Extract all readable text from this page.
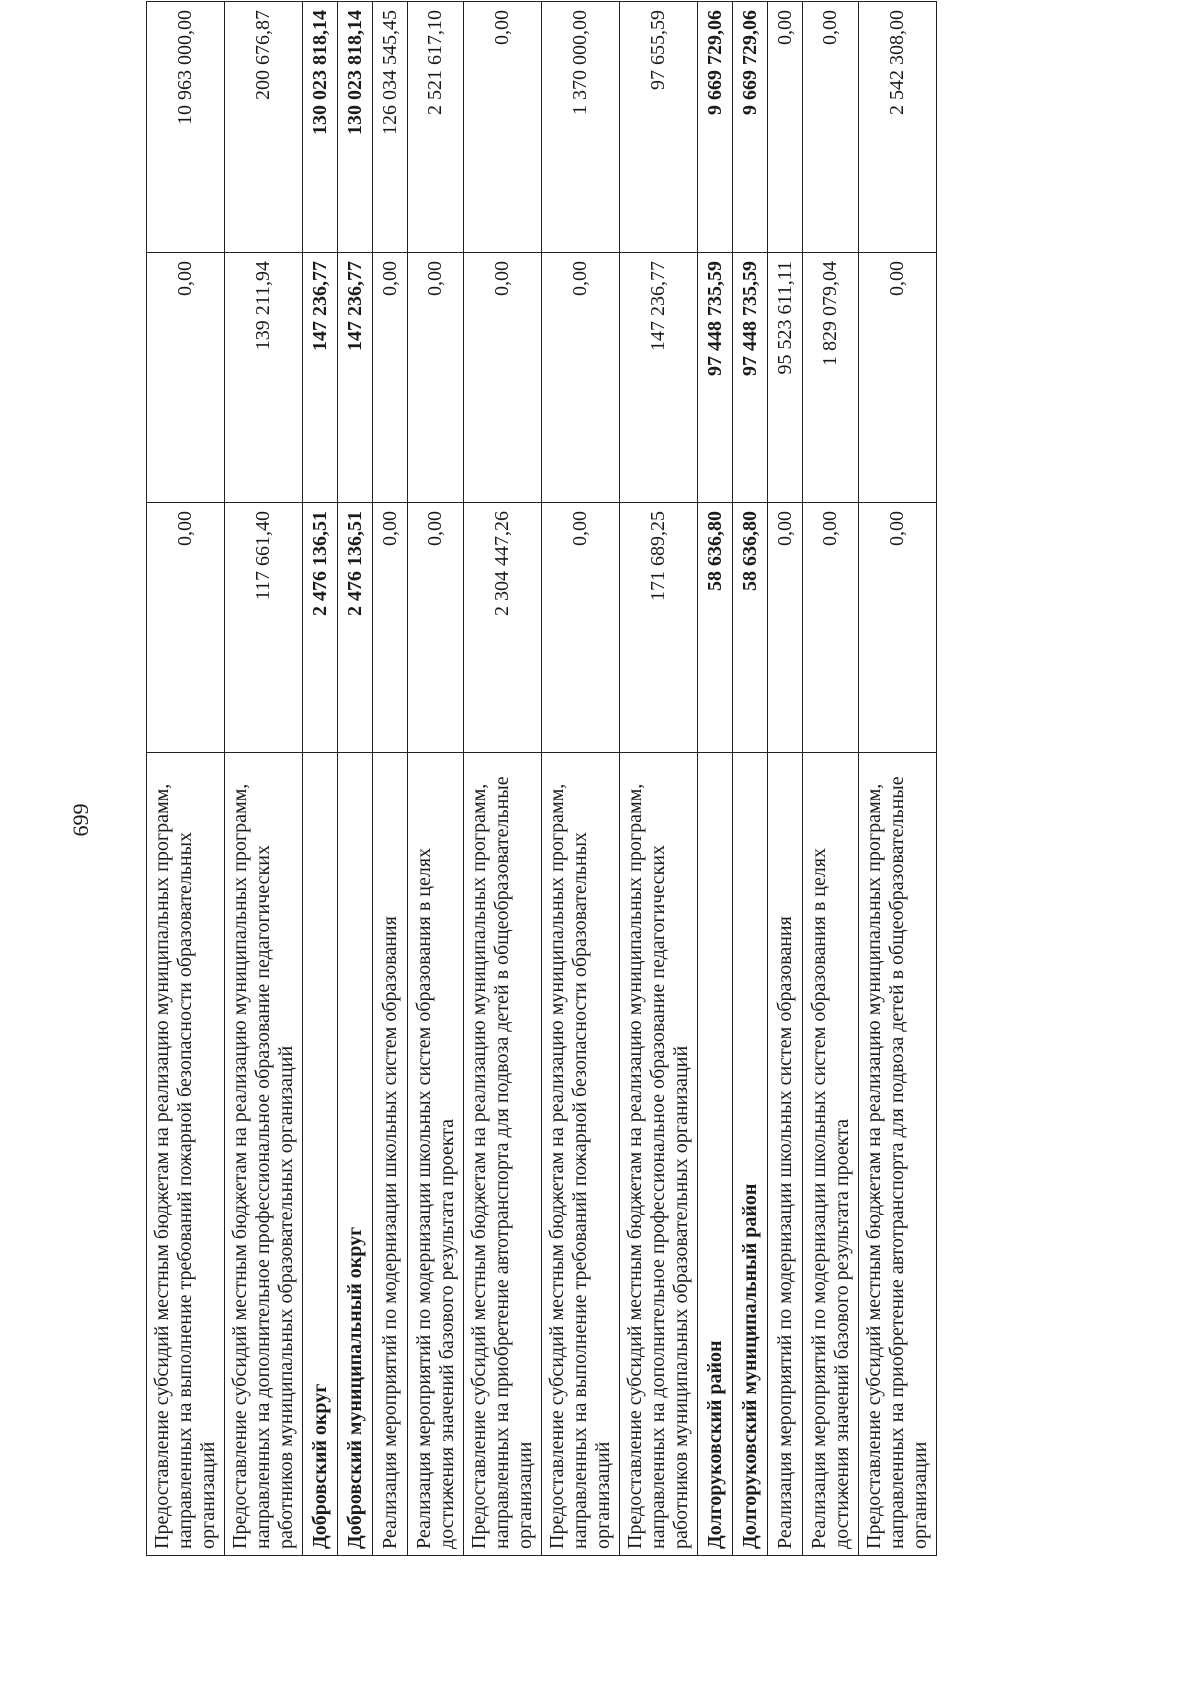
699	Предоставление субсидий местным бюджетам на реализацию муниципальных программ, направленных на выполнение требований пожарной безопасности образовательных организаций	0,00	0,00	10 963 000,00
Предоставление субсидий местным бюджетам на реализацию муниципальных программ, направленных на дополнительное профессиональное образование педагогических работников муниципальных образовательных организаций	117 661,40	139 211,94	200 676,87
Добровский округ	2 476 136,51	147 236,77	130 023 818,14
Добровский муниципальный округ	2 476 136,51	147 236,77	130 023 818,14
Реализация мероприятий по модернизации школьных систем образования	0,00	0,00	126 034 545,45
Реализация мероприятий по модернизации школьных систем образования в целях достижения значений базового результата проекта	0,00	0,00	2 521 617,10
Предоставление субсидий местным бюджетам на реализацию муниципальных программ, направленных на приобретение автотранспорта для подвоза детей в общеобразовательные организации	2 304 447,26	0,00	0,00
Предоставление субсидий местным бюджетам на реализацию муниципальных программ, направленных на выполнение требований пожарной безопасности образовательных организаций	0,00	0,00	1 370 000,00
Предоставление субсидий местным бюджетам на реализацию муниципальных программ, направленных на дополнительное профессиональное образование педагогических работников муниципальных образовательных организаций	171 689,25	147 236,77	97 655,59
Долгоруковский район	58 636,80	97 448 735,59	9 669 729,06
Долгоруковский муниципальный район	58 636,80	97 448 735,59	9 669 729,06
Реализация мероприятий по модернизации школьных систем образования	0,00	95 523 611,11	0,00
Реализация мероприятий по модернизации школьных систем образования в целях достижения значений базового результата проекта	0,00	1 829 079,04	0,00
Предоставление субсидий местным бюджетам на реализацию муниципальных программ, направленных на приобретение автотранспорта для подвоза детей в общеобразовательные организации	0,00	0,00	2 542 308,00
